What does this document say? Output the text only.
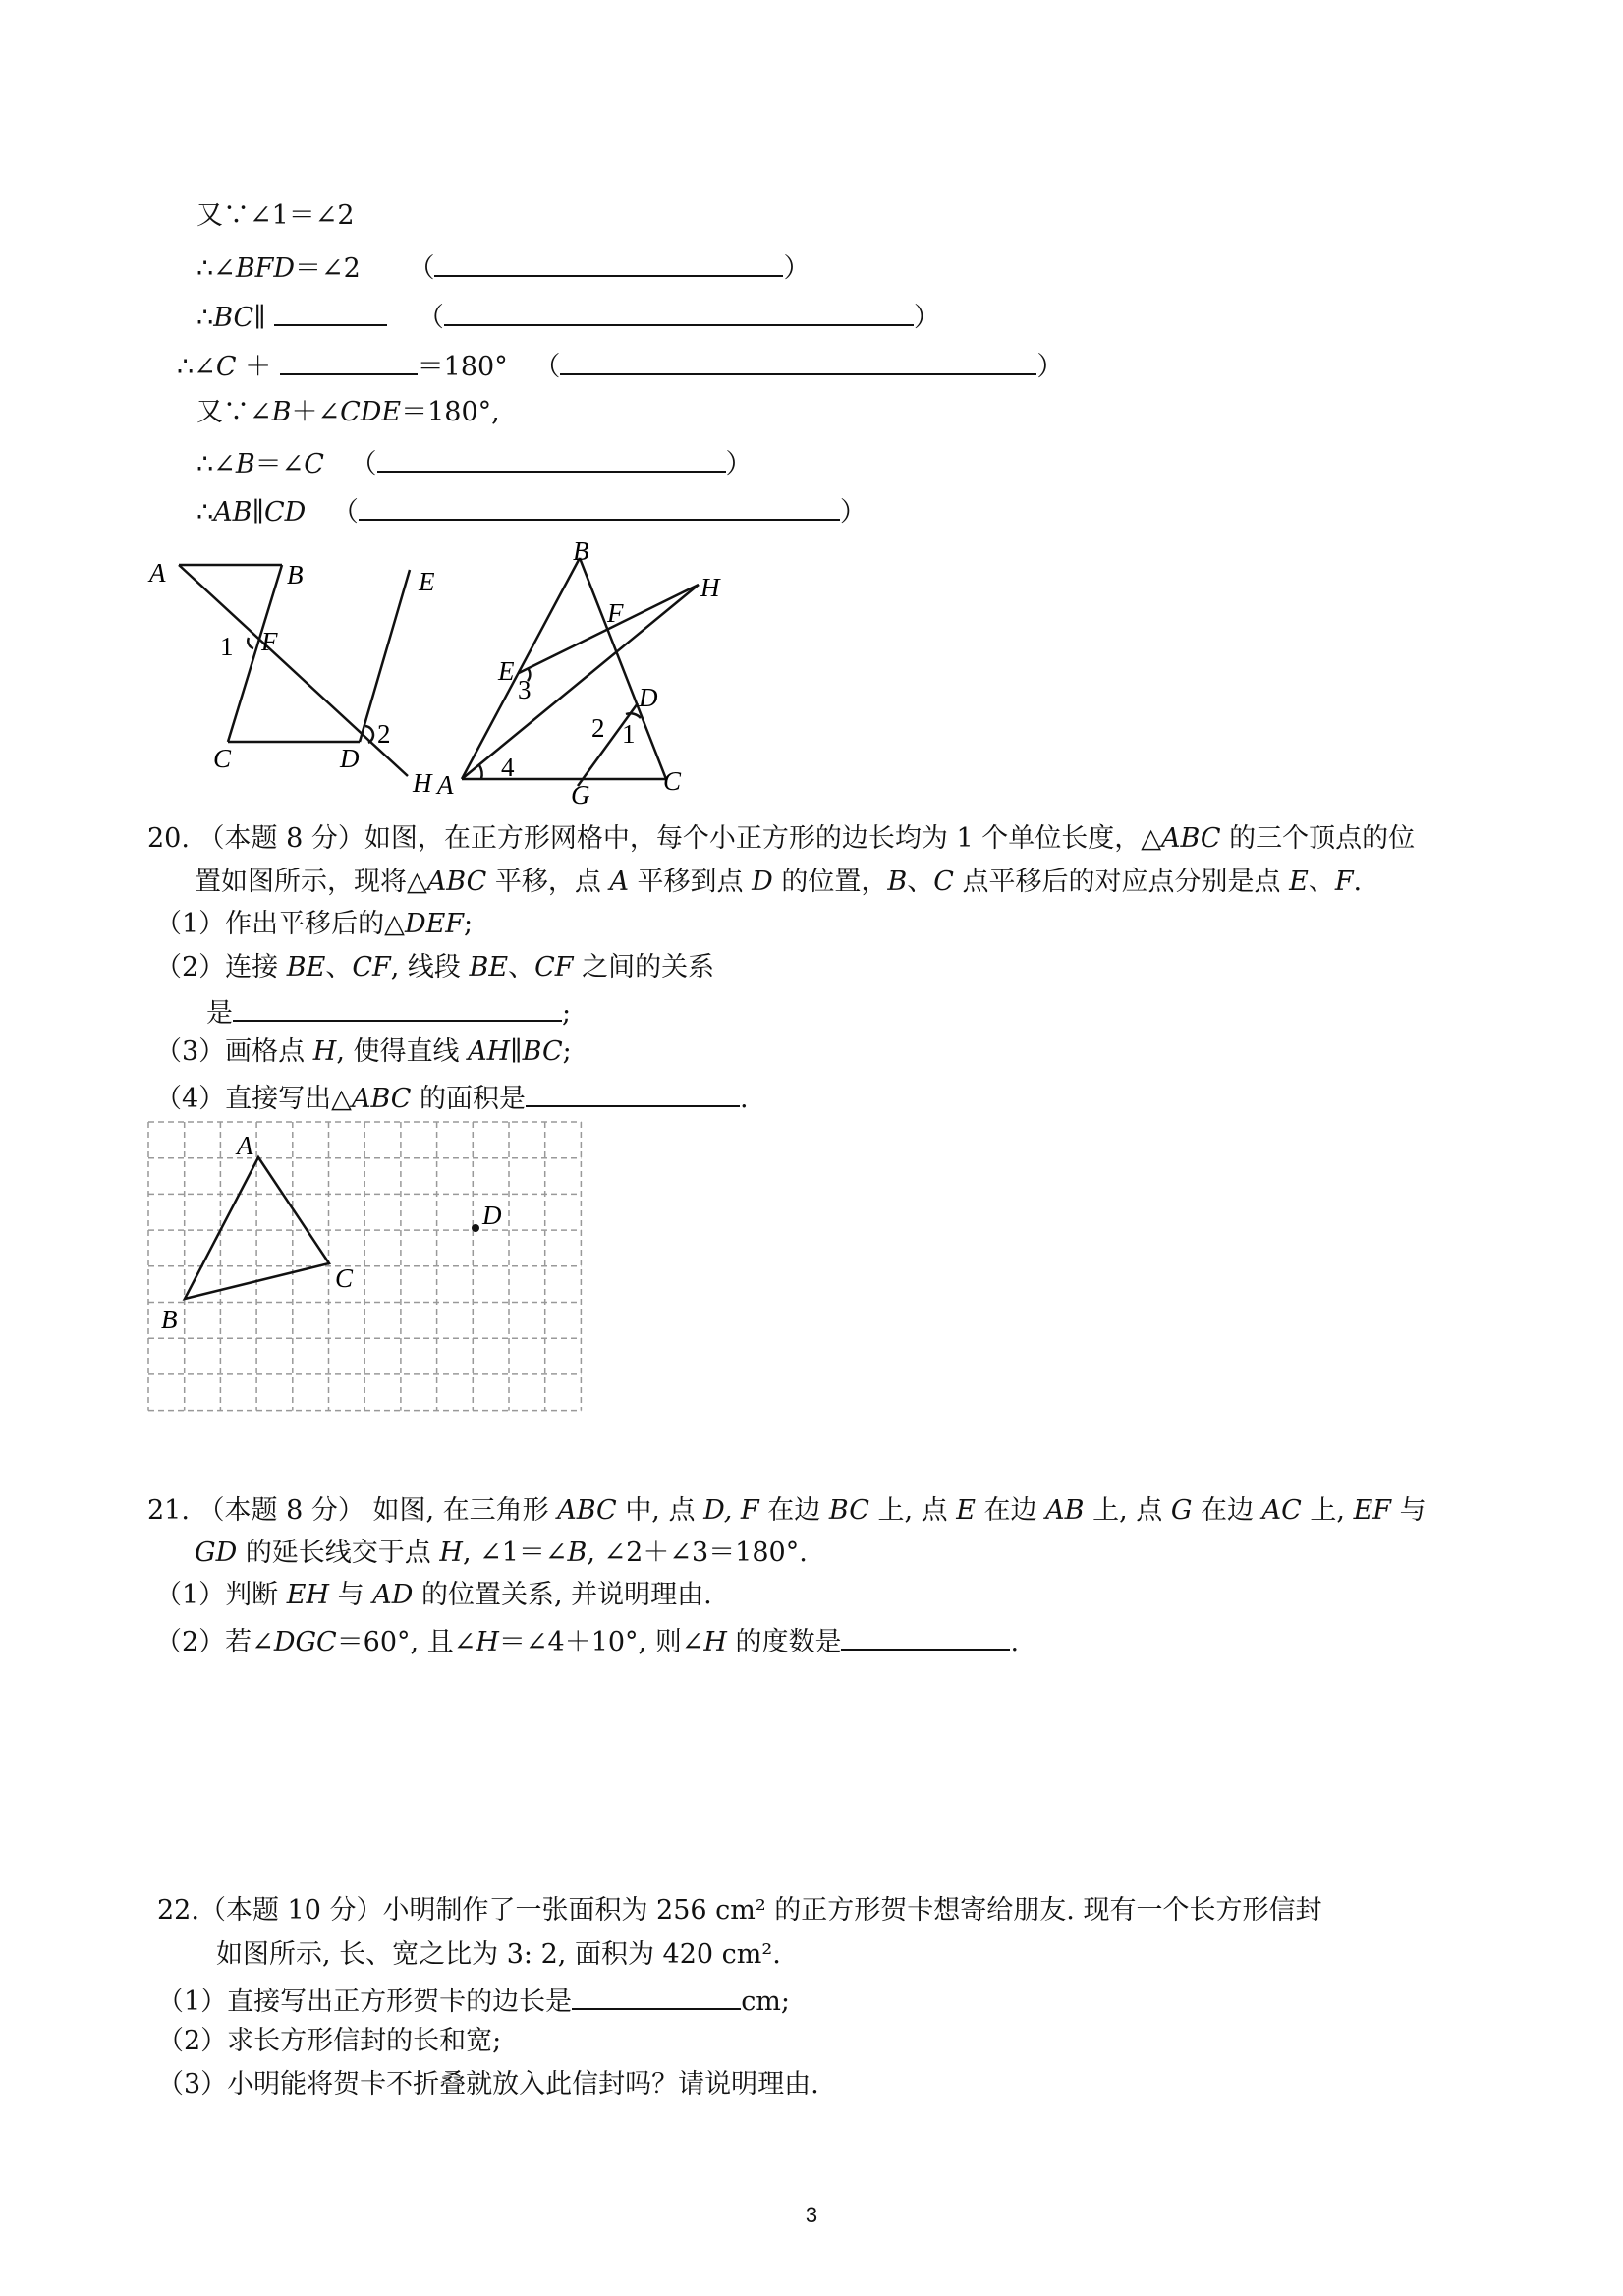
又∵∠1＝∠2
∴∠BFD＝∠2 （	）
∴BC∥	（	）
∴∠C ＋	＝180° （	）
又∵∠B＋∠CDE＝180°,
∴∠B＝∠C （	）
∴AB∥CD （	）
A	B	E
1 F
2
C	D
H
B
H
F
E
3	D
2 1
A
4
G	C
20. （本题 8 分）如图，在正方形网格中，每个小正方形的边长均为 1 个单位长度，△ABC 的三个顶点的位
置如图所示，现将△ABC 平移，点 A 平移到点 D 的位置，B、C 点平移后的对应点分别是点 E、F.
（1）作出平移后的△DEF;
（2）连接 BE、CF, 线段 BE、CF 之间的关系
是	;
（3）画格点 H, 使得直线 AH∥BC;
（4）直接写出△ABC 的面积是	.
A
D
C
B
21. （本题 8 分） 如图, 在三角形 ABC 中, 点 D, F 在边 BC 上, 点 E 在边 AB 上, 点 G 在边 AC 上, EF 与
GD 的延长线交于点 H, ∠1＝∠B, ∠2＋∠3＝180°.
（1）判断 EH 与 AD 的位置关系, 并说明理由.
（2）若∠DGC＝60°, 且∠H＝∠4＋10°, 则∠H 的度数是	.
22.（本题 10 分）小明制作了一张面积为 256 cm² 的正方形贺卡想寄给朋友. 现有一个长方形信封
如图所示, 长、宽之比为 3: 2, 面积为 420 cm².
（1）直接写出正方形贺卡的边长是	cm;
（2）求长方形信封的长和宽;
（3）小明能将贺卡不折叠就放入此信封吗？请说明理由.
3
